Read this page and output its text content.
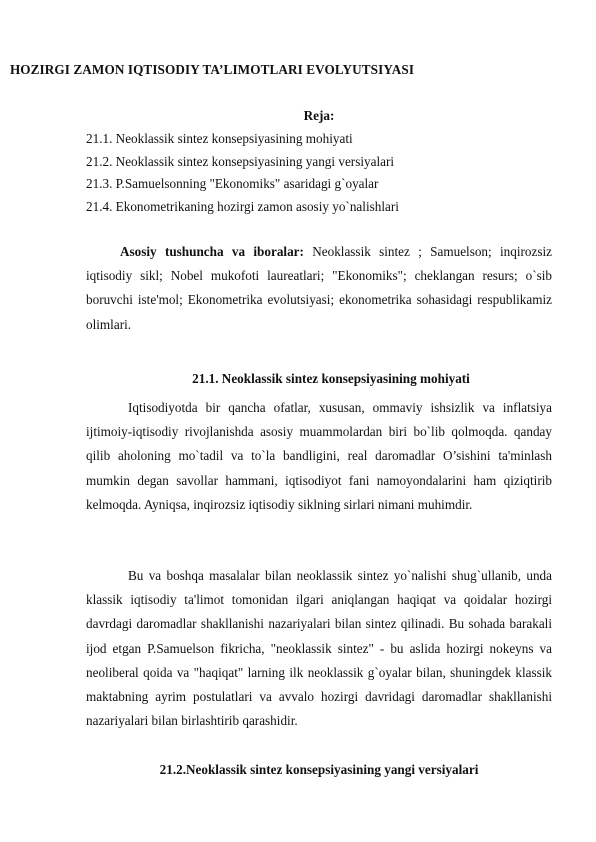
HOZIRGI ZAMON IQTISODIY TA’LIMOTLARI EVOLYUTSIYASI

Reja:

21.1. Neoklassik sintez konsepsiyasining mohiyati
21.2. Neoklassik sintez konsepsiyasining yangi versiyalari
21.3. P.Samuelsonning "Ekonomiks" asaridagi g`oyalar
21.4. Ekonometrikaning hozirgi zamon asosiy yo`nalishlari

Asosiy tushuncha va iboralar: Neoklassik sintez ; Samuelson; inqirozsiz iqtisodiy sikl; Nobel mukofoti laureatlari; "Ekonomiks"; cheklangan resurs; o`sib boruvchi iste'mol; Ekonometrika evolutsiyasi; ekonometrika sohasidagi respublikamiz olimlari.

21.1. Neoklassik sintez konsepsiyasining mohiyati

Iqtisodiyotda bir qancha ofatlar, xususan, ommaviy ishsizlik va inflatsiya ijtimoiy-iqtisodiy rivojlanishda asosiy muammolardan biri bo`lib qolmoqda. qanday qilib aholoning mo`tadil va to`la bandligini, real daromadlar O’sishini ta'minlash mumkin degan savollar hammani, iqtisodiyot fani namoyondalarini ham qiziqtirib kelmoqda. Ayniqsa, inqirozsiz iqtisodiy siklning sirlari nimani muhimdir.

Bu va boshqa masalalar bilan neoklassik sintez yo`nalishi shug`ullanib, unda klassik iqtisodiy ta'limot tomonidan ilgari aniqlangan haqiqat va qoidalar hozirgi davrdagi daromadlar shakllanishi nazariyalari bilan sintez qilinadi. Bu sohada barakali ijod etgan P.Samuelson fikricha, "neoklassik sintez" - bu aslida hozirgi nokeyns va neoliberal qoida va "haqiqat" larning ilk neoklassik g`oyalar bilan, shuningdek klassik maktabning ayrim postulatlari va avvalo hozirgi davridagi daromadlar shakllanishi nazariyalari bilan birlashtirib qarashidir.

21.2.Neoklassik sintez konsepsiyasining yangi versiyalari
